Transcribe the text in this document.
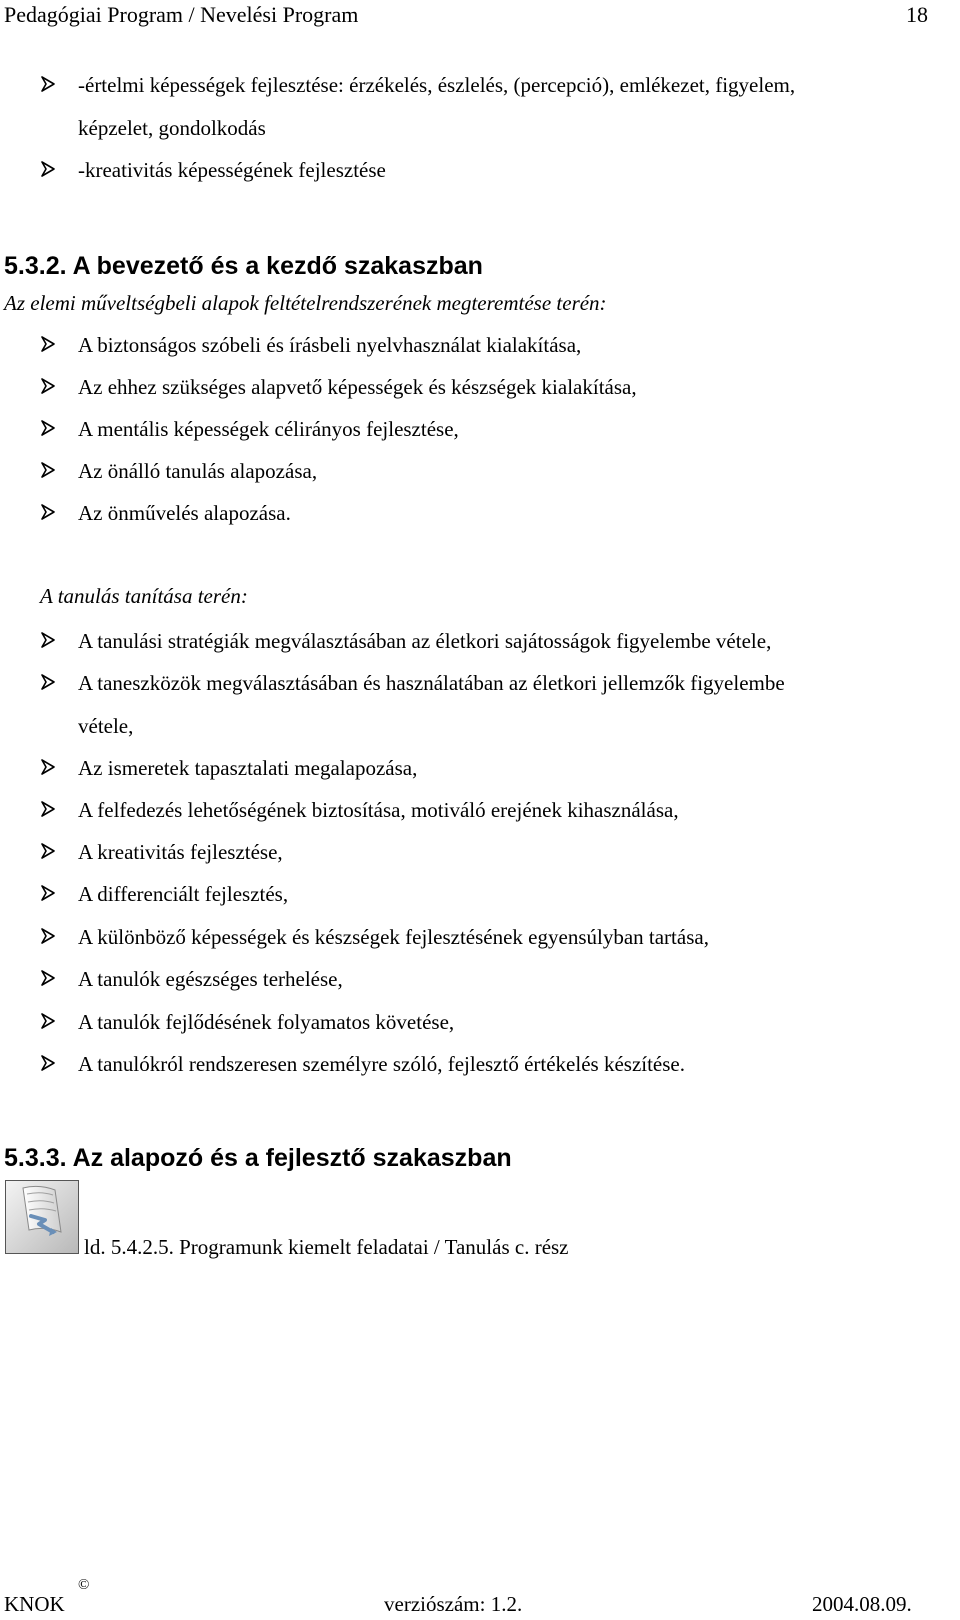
Pedagógiai Program / Nevelési Program	18
-értelmi képességek fejlesztése: érzékelés, észlelés, (percepció), emlékezet, figyelem,
képzelet, gondolkodás
-kreativitás képességének fejlesztése
5.3.2. A bevezető és a kezdő szakaszban
Az elemi műveltségbeli alapok feltételrendszerének megteremtése terén:
A biztonságos szóbeli és írásbeli nyelvhasználat kialakítása,
Az ehhez szükséges alapvető képességek és készségek kialakítása,
A mentális képességek célirányos fejlesztése,
Az önálló tanulás alapozása,
Az önművelés alapozása.
A tanulás tanítása terén:
A tanulási stratégiák megválasztásában az életkori sajátosságok figyelembe vétele,
A taneszközök megválasztásában és használatában az életkori jellemzők figyelembe
vétele,
Az ismeretek tapasztalati megalapozása,
A felfedezés lehetőségének biztosítása, motiváló erejének kihasználása,
A kreativitás fejlesztése,
A differenciált fejlesztés,
A különböző képességek és készségek fejlesztésének egyensúlyban tartása,
A tanulók egészséges terhelése,
A tanulók fejlődésének folyamatos követése,
A tanulókról rendszeresen személyre szóló, fejlesztő értékelés készítése.
5.3.3. Az alapozó és a fejlesztő szakaszban
ld. 5.4.2.5. Programunk kiemelt feladatai / Tanulás c. rész
KNOK
©
verziószám: 1.2.	2004.08.09.
